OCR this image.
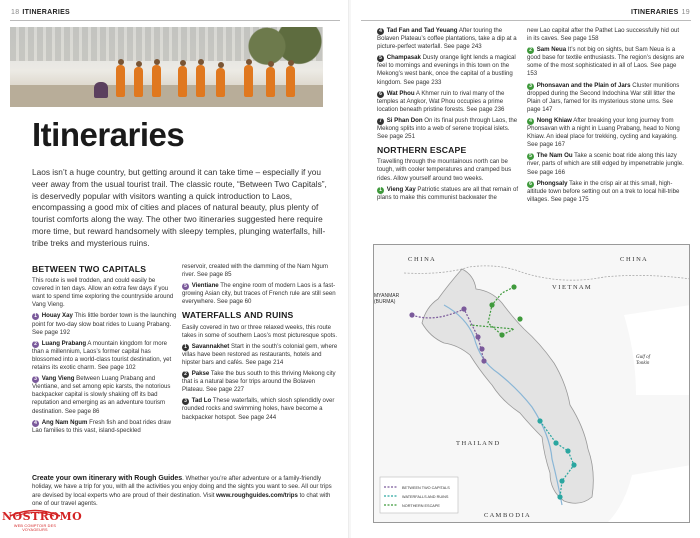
18 ITINERARIES
Itineraries
Laos isn’t a huge country, but getting around it can take time – especially if you veer away from the usual tourist trail. The classic route, “Between Two Capitals”, is deservedly popular with visitors wanting a quick introduction to Laos, encompassing a good mix of cities and places of natural beauty, plus plenty of tourist comforts along the way. The other two itineraries suggested here require more time, but reward handsomely with sleepy temples, plunging waterfalls, hill-tribe treks and mysterious ruins.
BETWEEN TWO CAPITALS

This route is well trodden, and could easily be covered in ten days. Allow an extra few days if you want to spend time exploring the countryside around Vang Vieng.

1 Houay Xay This little border town is the launching point for two-day slow boat rides to Luang Prabang. See page 192

2 Luang Prabang A mountain kingdom for more than a millennium, Laos’s former capital has blossomed into a world-class tourist destination, yet retains its exotic charm. See page 102

3 Vang Vieng Between Luang Prabang and Vientiane, and set among epic karsts, the notorious backpacker capital is slowly shaking off its bad reputation and emerging as an adventure tourism destination. See page 86

4 Ang Nam Ngum Fresh fish and boat rides draw Lao families to this vast, island-speckled

reservoir, created with the damming of the Nam Ngum river. See page 85

5 Vientiane The engine room of modern Laos is a fast-growing Asian city, but traces of French rule are still seen everywhere. See page 60

WATERFALLS AND RUINS

Easily covered in two or three relaxed weeks, this route takes in some of southern Laos’s most picturesque spots.

1 Savannakhet Start in the south’s colonial gem, where villas have been restored as restaurants, hotels and hipster bars and cafés. See page 214

2 Pakse Take the bus south to this thriving Mekong city that is a natural base for trips around the Bolaven Plateau. See page 227

3 Tad Lo These waterfalls, which slosh splendidly over rounded rocks and swimming holes, have become a backpacker hotspot. See page 244

Create your own itinerary with Rough Guides. Whether you’re after adventure or a family-friendly holiday, we have a trip for you, with all the activities you enjoy doing and the sights you want to see. All our trips are devised by local experts who are proud of their destination. Visit www.roughguides.com/trips to chat with one of our travel agents.
NOSTROMO
WEB COMPTOIR DES VOYAGEURS
ITINERARIES 19

4 Tad Fan and Tad Yeuang After touring the Bolaven Plateau’s coffee plantations, take a dip at a picture-perfect waterfall. See page 243

5 Champasak Dusty orange light lends a magical feel to mornings and evenings in this town on the Mekong’s west bank, once the capital of a bustling kingdom. See page 233

6 Wat Phou A Khmer ruin to rival many of the temples at Angkor, Wat Phou occupies a prime location beneath pristine forests. See page 236

7 Si Phan Don On its final push through Laos, the Mekong splits into a web of serene tropical islets. See page 251

NORTHERN ESCAPE

Travelling through the mountainous north can be tough, with cooler temperatures and cramped bus rides. Allow yourself around two weeks.

1 Vieng Xay Patriotic statues are all that remain of plans to make this communist backwater the

new Lao capital after the Pathet Lao successfully hid out in its caves. See page 158

2 Sam Neua It’s not big on sights, but Sam Neua is a good base for textile enthusiasts. The region’s designs are some of the most sophisticated in all of Laos. See page 153

3 Phonsavan and the Plain of Jars Cluster munitions dropped during the Second Indochina War still litter the Plain of Jars, famed for its mysterious stone urns. See page 147

4 Nong Khiaw After breaking your long journey from Phonsavan with a night in Luang Prabang, head to Nong Khiaw. An ideal place for trekking, cycling and kayaking. See page 167

5 The Nam Ou Take a scenic boat ride along this lazy river, parts of which are still edged by impenetrable jungle. See page 166

6 Phongsaly Take in the crisp air at this small, high-altitude town before setting out on a trek to local hill-tribe villages. See page 175

C H I N A	C H I N A
MYANMAR (BURMA)
V I E T N A M
T H A I L A N D
Gulf of Tonkin
C A M B O D I A
BETWEEN TWO CAPITALS
WATERFALLS AND RUINS
NORTHERN ESCAPE
